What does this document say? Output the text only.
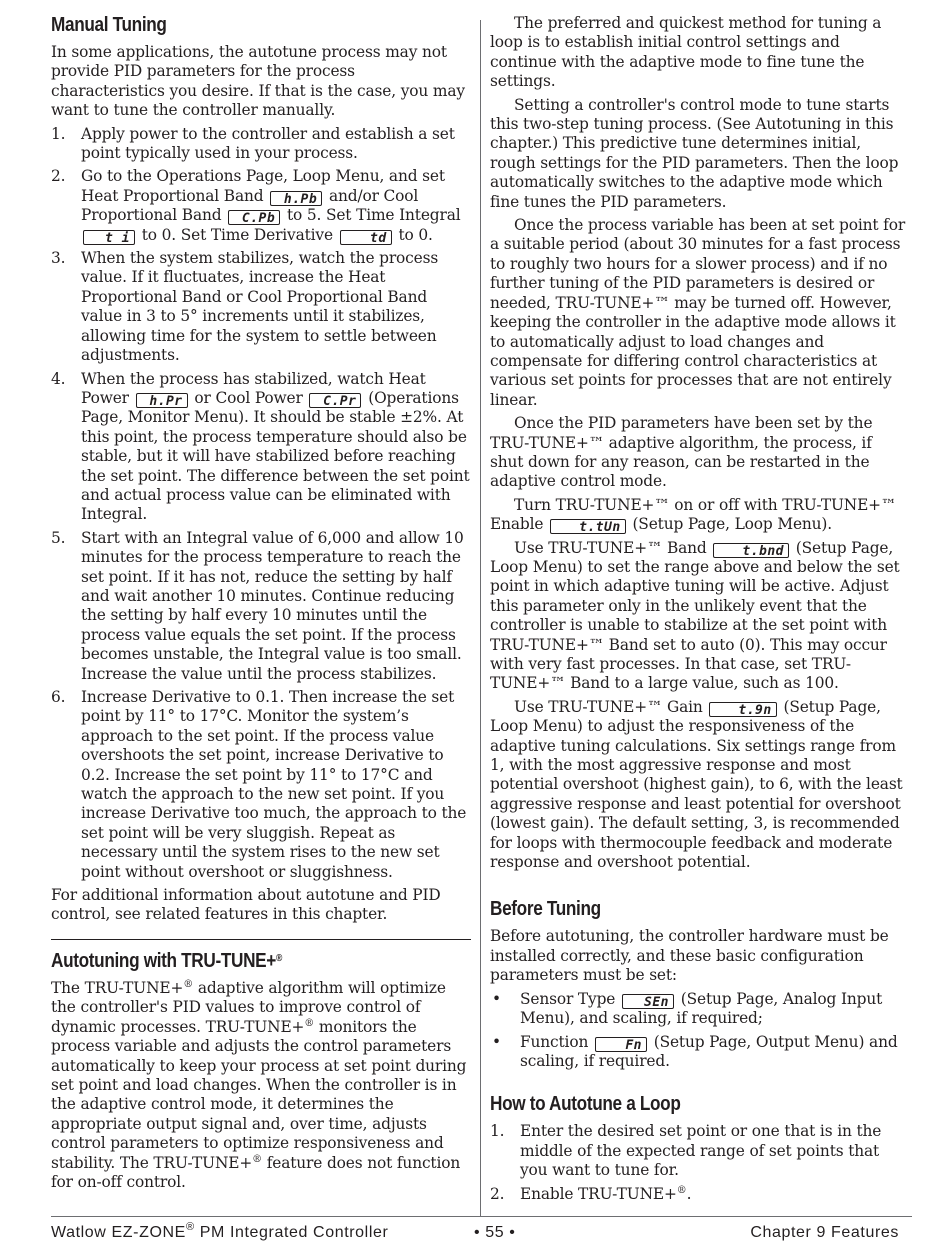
Manual Tuning

In some applications, the autotune process may not provide PID parameters for the process characteristics you desire. If that is the case, you may want to tune the controller manually.

1. Apply power to the controller and establish a set point typically used in your process.
2. Go to the Operations Page, Loop Menu, and set Heat Proportional Band h.Pb and/or Cool Proportional Band C.Pb to 5. Set Time Integral t i to 0. Set Time Derivative	td to 0.
3. When the system stabilizes, watch the process value. If it fluctuates, increase the Heat Proportional Band or Cool Proportional Band value in 3 to 5° increments until it stabilizes, allowing time for the system to settle between adjustments.
4. When the process has stabilized, watch Heat Power h.Pr or Cool Power C.Pr (Operations Page, Monitor Menu). It should be stable ±2%. At this point, the process temperature should also be stable, but it will have stabilized before reaching the set point. The difference between the set point and actual process value can be eliminated with Integral.
5. Start with an Integral value of 6,000 and allow 10 minutes for the process temperature to reach the set point. If it has not, reduce the setting by half and wait another 10 minutes. Continue reducing the setting by half every 10 minutes until the process value equals the set point. If the process becomes unstable, the Integral value is too small. Increase the value until the process stabilizes.
6. Increase Derivative to 0.1. Then increase the set point by 11° to 17°C. Monitor the system’s approach to the set point. If the process value overshoots the set point, increase Derivative to 0.2. Increase the set point by 11° to 17°C and watch the approach to the new set point. If you increase Derivative too much, the approach to the set point will be very sluggish. Repeat as necessary until the system rises to the new set point without overshoot or sluggishness.

For additional information about autotune and PID control, see related features in this chapter.

Autotuning with TRU-TUNE+®

The TRU-TUNE+® adaptive algorithm will optimize the controller's PID values to improve control of dynamic processes. TRU-TUNE+® monitors the process variable and adjusts the control parameters automatically to keep your process at set point during set point and load changes. When the controller is in the adaptive control mode, it determines the appropriate output signal and, over time, adjusts control parameters to optimize responsiveness and stability. The TRU-TUNE+® feature does not function for on-off control.

The preferred and quickest method for tuning a loop is to establish initial control settings and continue with the adaptive mode to fine tune the settings.

Setting a controller's control mode to tune starts this two-step tuning process. (See Autotuning in this chapter.) This predictive tune determines initial, rough settings for the PID parameters. Then the loop automatically switches to the adaptive mode which fine tunes the PID parameters.

Once the process variable has been at set point for a suitable period (about 30 minutes for a fast process to roughly two hours for a slower process) and if no further tuning of the PID parameters is desired or needed, TRU-TUNE+™ may be turned off. However, keeping the controller in the adaptive mode allows it to automatically adjust to load changes and compensate for differing control characteristics at various set points for processes that are not entirely linear.

Once the PID parameters have been set by the TRU-TUNE+™ adaptive algorithm, the process, if shut down for any reason, can be restarted in the adaptive control mode.

Turn TRU-TUNE+™ on or off with TRU-TUNE+™ Enable	t.tUn (Setup Page, Loop Menu).

Use TRU-TUNE+™ Band	t.bnd (Setup Page, Loop Menu) to set the range above and below the set point in which adaptive tuning will be active. Adjust this parameter only in the unlikely event that the controller is unable to stabilize at the set point with TRU-TUNE+™ Band set to auto (0). This may occur with very fast processes. In that case, set TRU-TUNE+™ Band to a large value, such as 100.

Use TRU-TUNE+™ Gain	t.9n (Setup Page, Loop Menu) to adjust the responsiveness of the adaptive tuning calculations. Six settings range from 1, with the most aggressive response and most potential overshoot (highest gain), to 6, with the least aggressive response and least potential for overshoot (lowest gain). The default setting, 3, is recommended for loops with thermocouple feedback and moderate response and overshoot potential.

Before Tuning

Before autotuning, the controller hardware must be installed correctly, and these basic configuration parameters must be set:

• Sensor Type SEn (Setup Page, Analog Input Menu), and scaling, if required;
• Function	Fn (Setup Page, Output Menu) and scaling, if required.
How to Autotune a Loop
1. Enter the desired set point or one that is in the middle of the expected range of set points that you want to tune for.
2. Enable TRU-TUNE+®.
Watlow EZ-ZONE® PM Integrated Controller	• 55 •	Chapter 9 Features
